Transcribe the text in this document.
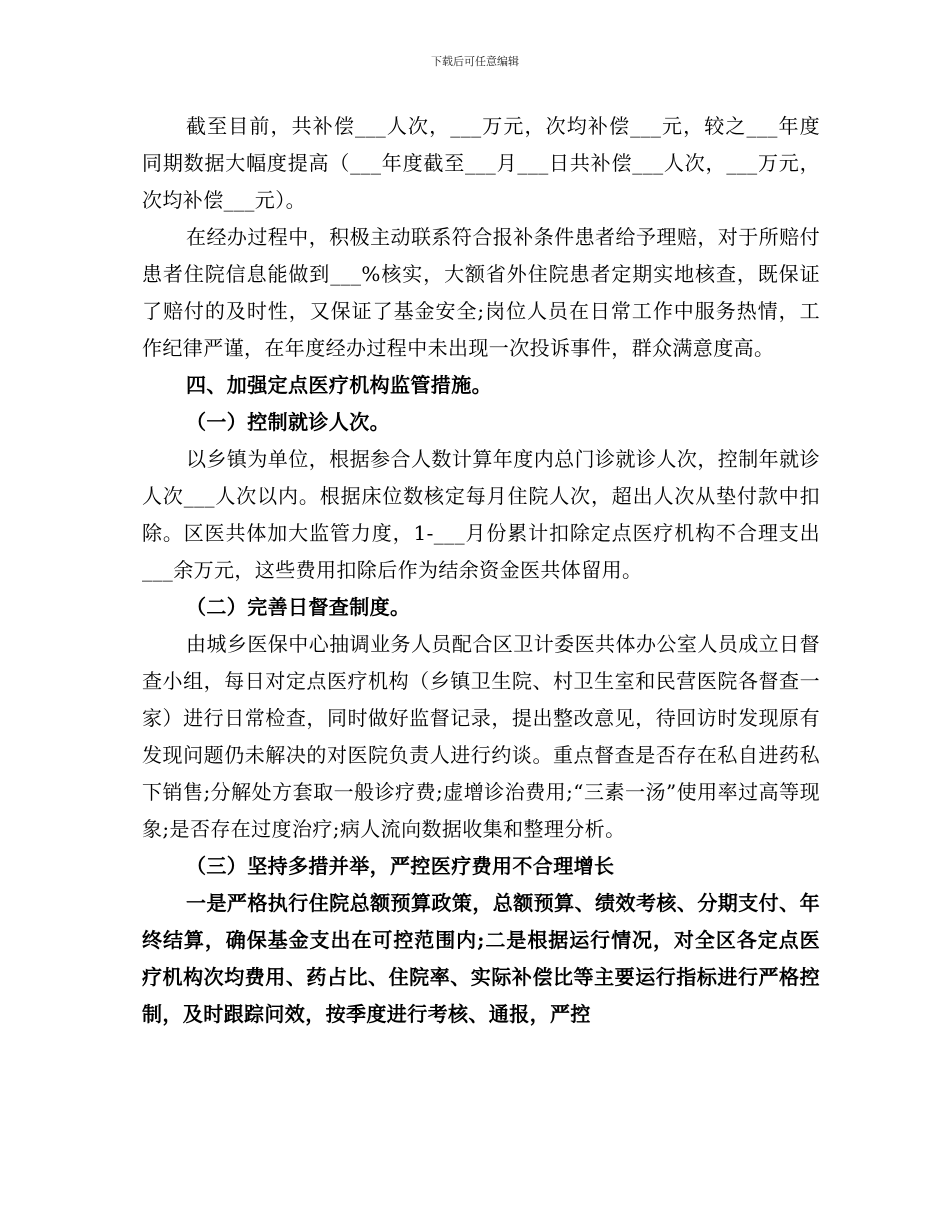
下载后可任意编辑

截至目前，共补偿___人次，___万元，次均补偿___元，较之___年度同期数据大幅度提高（___年度截至___月___日共补偿___人次，___万元，次均补偿___元）。

在经办过程中，积极主动联系符合报补条件患者给予理赔，对于所赔付患者住院信息能做到___%核实，大额省外住院患者定期实地核查，既保证了赔付的及时性，又保证了基金安全;岗位人员在日常工作中服务热情，工作纪律严谨，在年度经办过程中未出现一次投诉事件，群众满意度高。

四、加强定点医疗机构监管措施。

（一）控制就诊人次。

以乡镇为单位，根据参合人数计算年度内总门诊就诊人次，控制年就诊人次___人次以内。根据床位数核定每月住院人次，超出人次从垫付款中扣除。区医共体加大监管力度，1-___月份累计扣除定点医疗机构不合理支出___余万元，这些费用扣除后作为结余资金医共体留用。

（二）完善日督查制度。

由城乡医保中心抽调业务人员配合区卫计委医共体办公室人员成立日督查小组，每日对定点医疗机构（乡镇卫生院、村卫生室和民营医院各督查一家）进行日常检查，同时做好监督记录，提出整改意见，待回访时发现原有发现问题仍未解决的对医院负责人进行约谈。重点督查是否存在私自进药私下销售;分解处方套取一般诊疗费;虚增诊治费用;“三素一汤”使用率过高等现象;是否存在过度治疗;病人流向数据收集和整理分析。

（三）坚持多措并举，严控医疗费用不合理增长

一是严格执行住院总额预算政策，总额预算、绩效考核、分期支付、年终结算，确保基金支出在可控范围内;二是根据运行情况，对全区各定点医疗机构次均费用、药占比、住院率、实际补偿比等主要运行指标进行严格控制，及时跟踪问效，按季度进行考核、通报，严控
